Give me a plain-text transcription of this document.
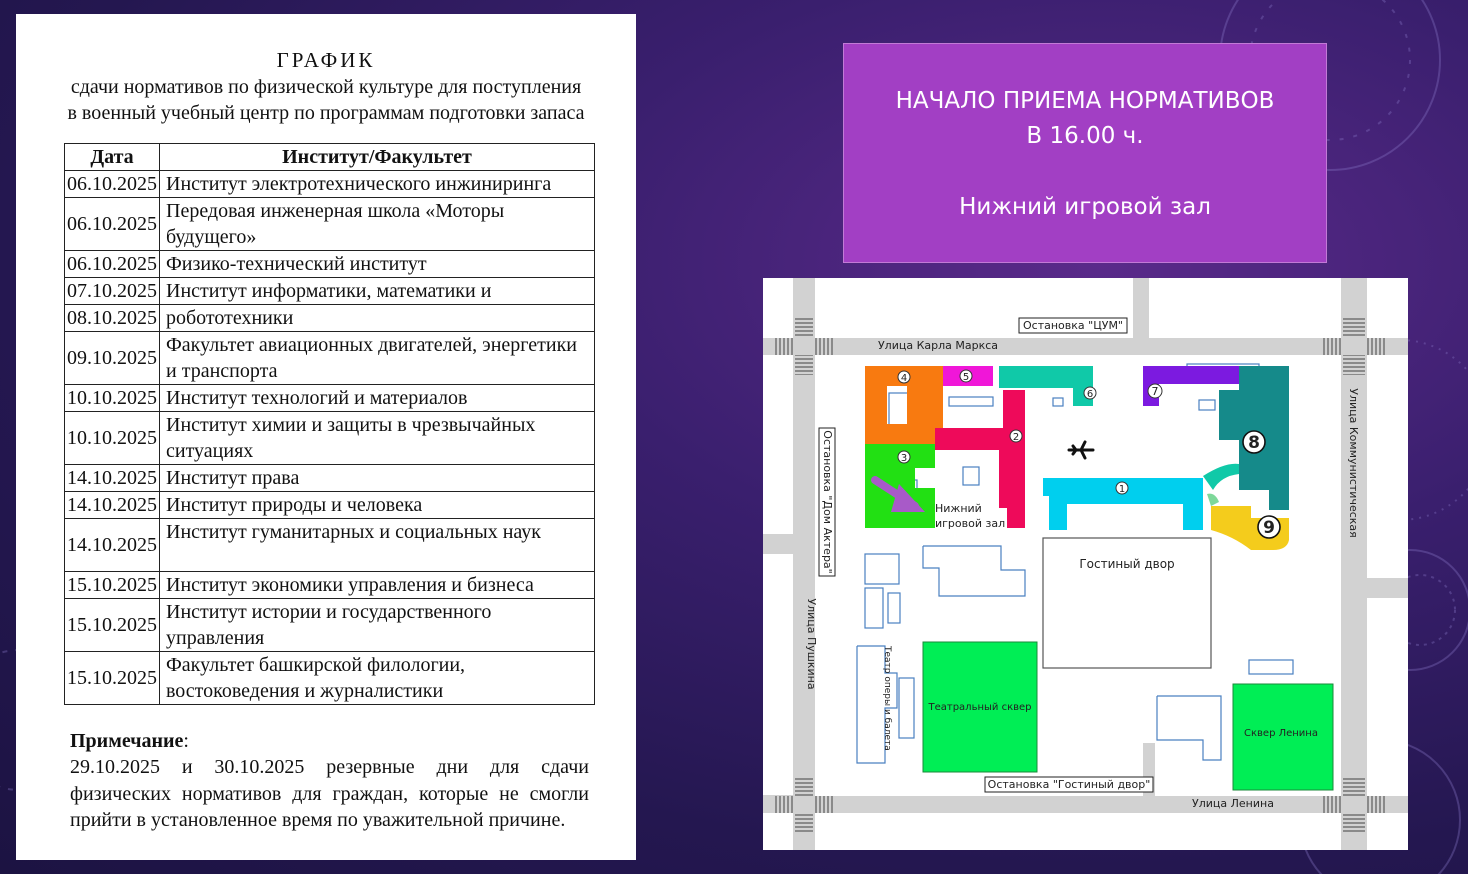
ГРАФИК
сдачи нормативов по физической культуре для поступления
в военный учебный центр по программам подготовки запаса
Дата	Институт/Факультет
06.10.2025	Институт электротехнического инжиниринга

06.10.2025	Передовая инженерная школа «Моторы
будущего»

06.10.2025	Физико-технический институт

07.10.2025	Институт информатики, математики и

08.10.2025	робототехники

09.10.2025	Факультет авиационных двигателей, энергетики
и транспорта

10.10.2025	Институт технологий и материалов

10.10.2025	Институт химии и защиты в чрезвычайных
ситуациях

14.10.2025	Институт права

14.10.2025	Институт природы и человека

14.10.2025	Институт гуманитарных и социальных наук

15.10.2025	Институт экономики управления и бизнеса

15.10.2025	Институт истории и государственного
управления

15.10.2025	Факультет башкирской филологии,
востоковедения и журналистики
Примечание:
29.10.2025 и 30.10.2025 резервные дни для сдачи физических нормативов для граждан, которые не смогли прийти в установленное время по уважительной причине.
НАЧАЛО ПРИЕМА НОРМАТИВОВ
В 16.00 ч.
Нижний игровой зал
1
2
3
4	5
6	7
8
9
Нижний
игровой зал
Гостиный двор
Театральный сквер
Сквер Ленина
Театр оперы и балета
Улица Карла Маркса
Улица Ленина
Улица Пушкина
Улица Коммунистическая
Остановка "ЦУМ"
Остановка "Дом Актера"
Остановка "Гостиный двор"
